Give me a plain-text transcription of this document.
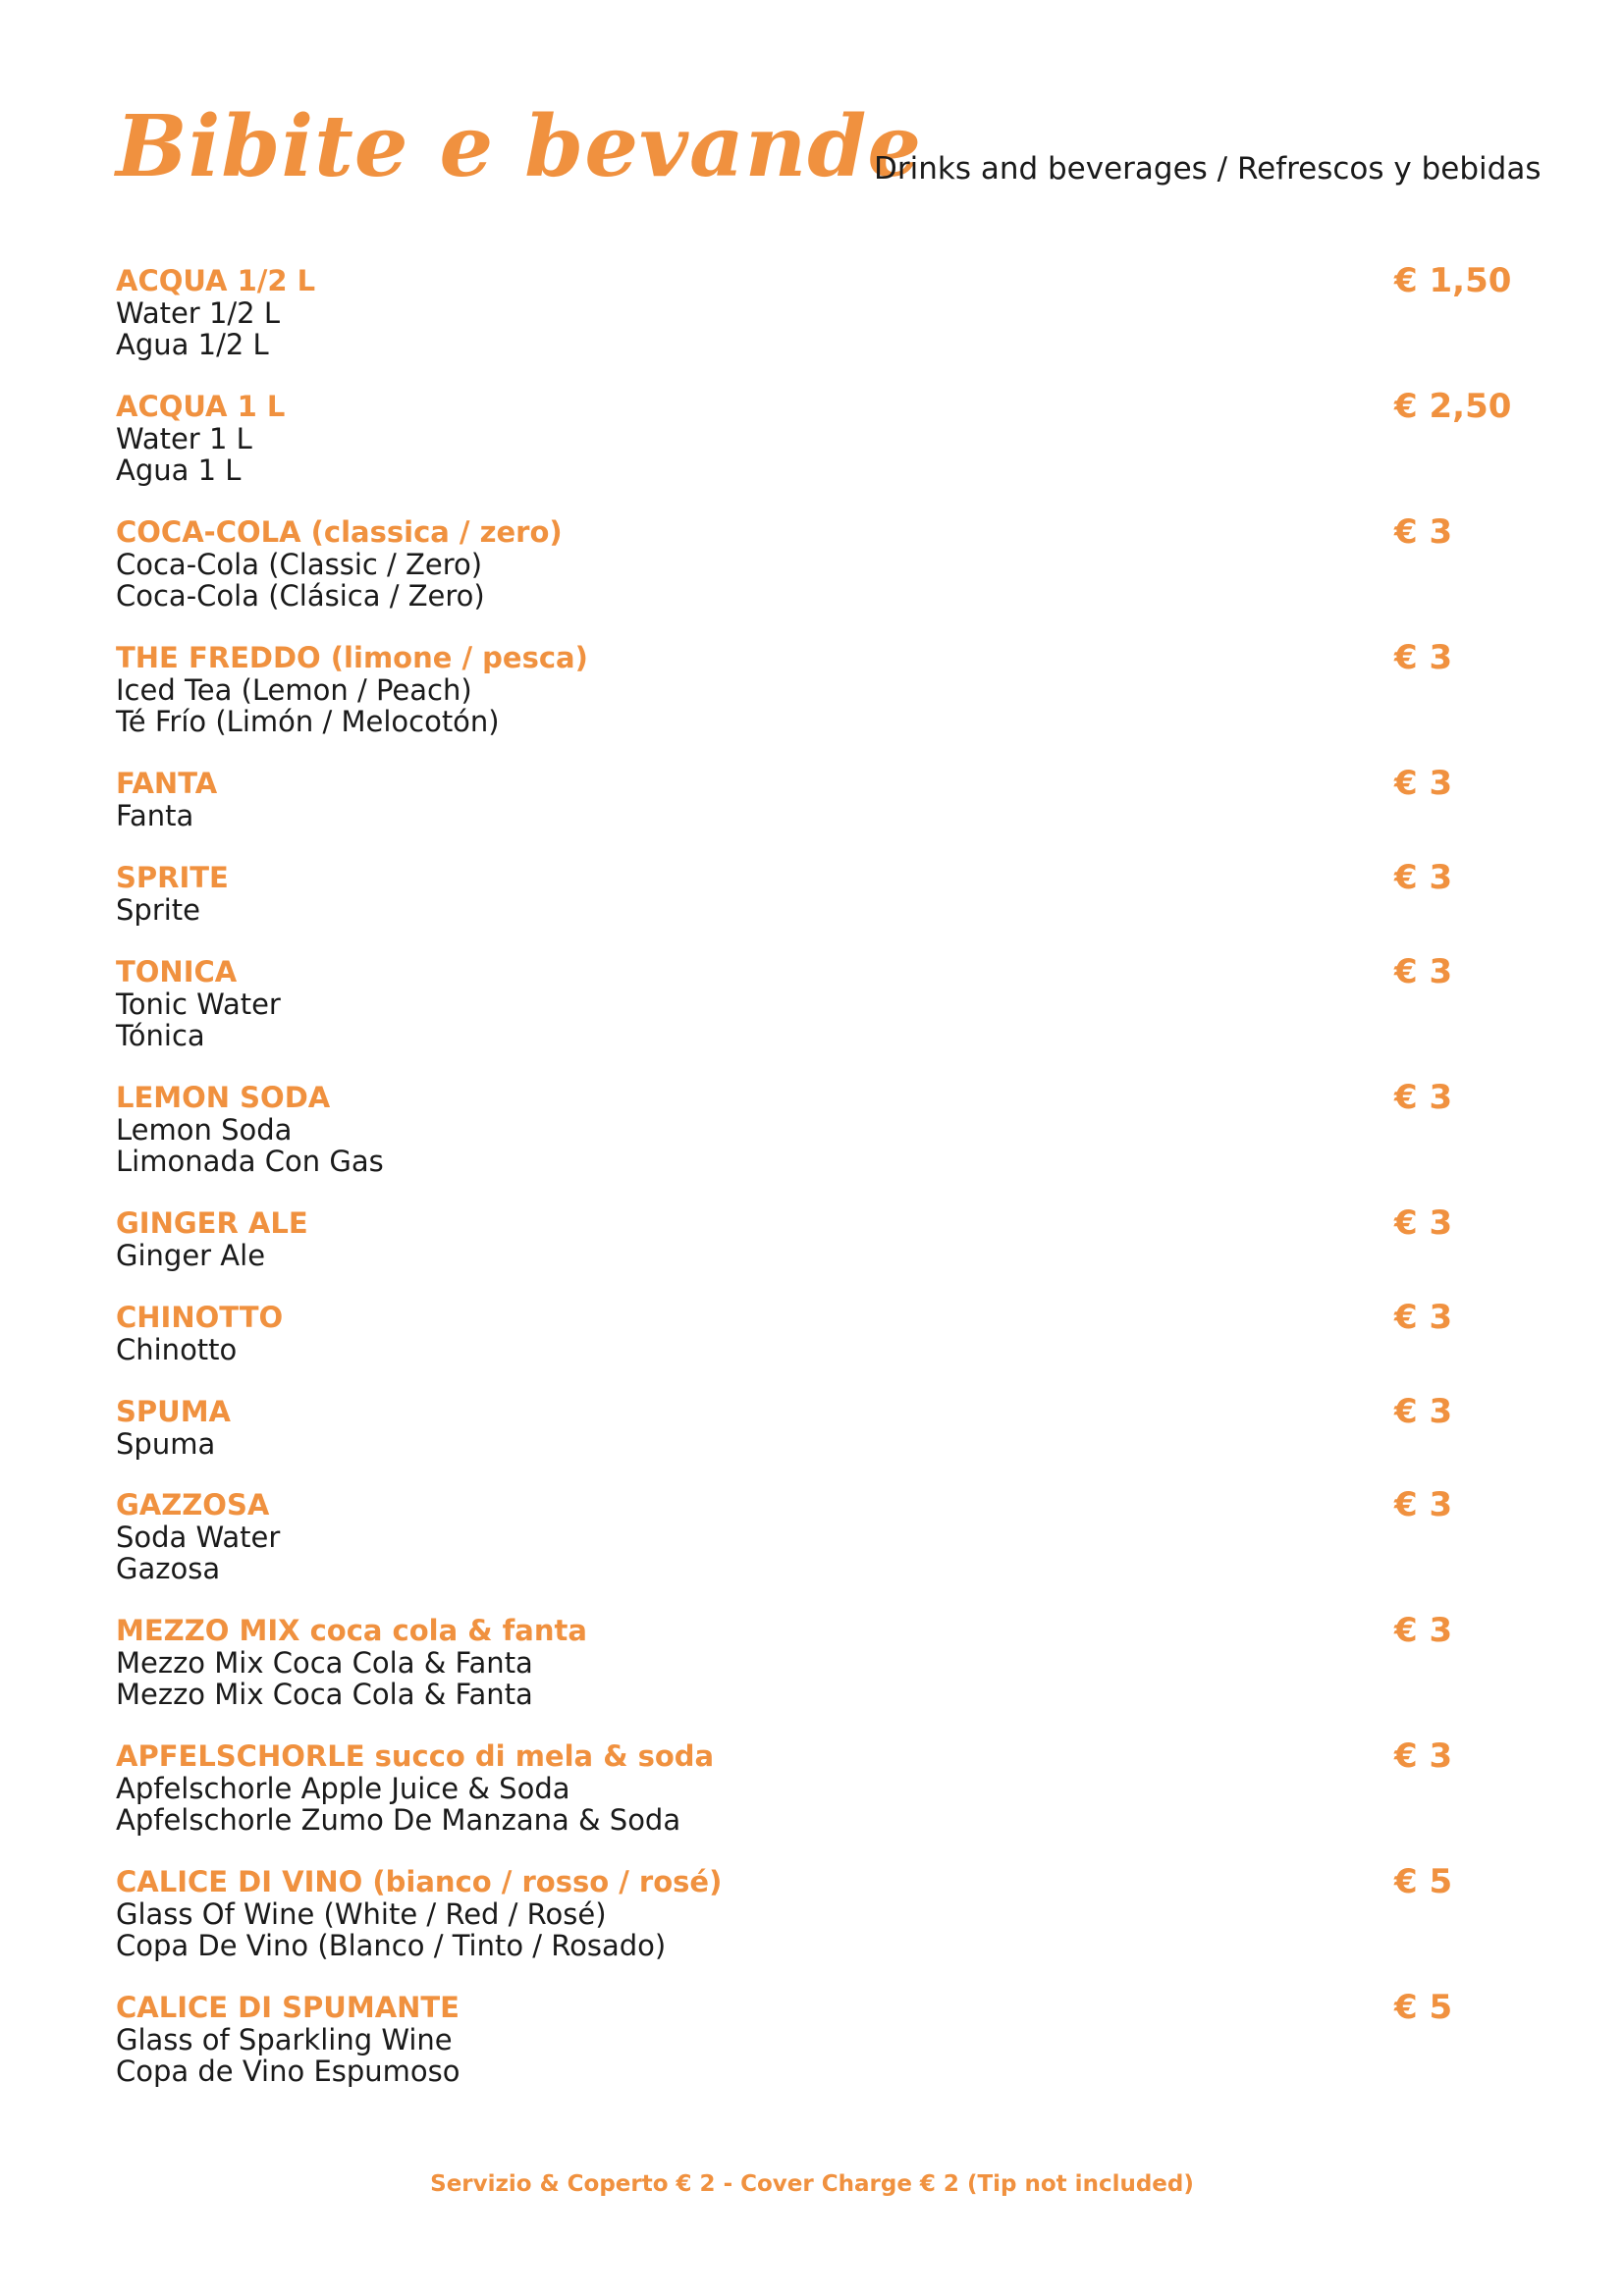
Bibite e bevande
Drinks and beverages / Refrescos y bebidas
ACQUA 1/2 L
Water 1/2 L
Agua 1/2 L
€ 1,50
ACQUA 1 L
Water 1 L
Agua 1 L
€ 2,50
COCA-COLA (classica / zero)
Coca-Cola (Classic / Zero)
Coca-Cola (Clásica / Zero)
€ 3
THE FREDDO (limone / pesca)
Iced Tea (Lemon / Peach)
Té Frío (Limón / Melocotón)
€ 3
FANTA
Fanta
€ 3
SPRITE
Sprite
€ 3
TONICA
Tonic Water
Tónica
€ 3
LEMON SODA
Lemon Soda
Limonada Con Gas
€ 3
GINGER ALE
Ginger Ale
€ 3
CHINOTTO
Chinotto
€ 3
SPUMA
Spuma
€ 3
GAZZOSA
Soda Water
Gazosa
€ 3
MEZZO MIX coca cola & fanta
Mezzo Mix Coca Cola & Fanta
Mezzo Mix Coca Cola & Fanta
€ 3
APFELSCHORLE succo di mela & soda
Apfelschorle Apple Juice & Soda
Apfelschorle Zumo De Manzana & Soda
€ 3
CALICE DI VINO (bianco / rosso / rosé)
Glass Of Wine (White / Red / Rosé)
Copa De Vino (Blanco / Tinto / Rosado)
€ 5
CALICE DI SPUMANTE
Glass of Sparkling Wine
Copa de Vino Espumoso
€ 5
Servizio & Coperto € 2 - Cover Charge € 2 (Tip not included)
